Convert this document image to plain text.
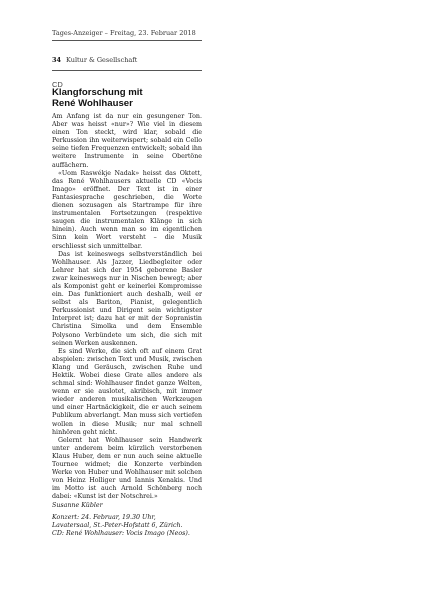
Tages-Anzeiger – Freitag, 23. Februar 2018
34 Kultur & Gesellschaft
CD
Klangforschung mit
René Wohlhauser

Am Anfang ist da nur ein gesungener Ton. Aber was heisst «nur»? Wie viel in diesem einen Ton steckt, wird klar, sobald die Perkussion ihn weiterwispert; sobald ein Cello seine tiefen Frequenzen entwickelt; sobald ihn weitere Instrumente in seine Obertöne auffächern.

«Uom Raswékje Nadak» heisst das Oktett, das René Wohlhausers aktuelle CD «Vocis Imago» eröffnet. Der Text ist in einer Fantasiesprache geschrieben, die Worte dienen sozusagen als Startrampe für ihre instrumentalen Fortsetzungen (respektive saugen die instrumentalen Klänge in sich hinein). Auch wenn man so im eigentlichen Sinn kein Wort versteht – die Musik erschliesst sich unmittelbar.

Das ist keineswegs selbstverständlich bei Wohlhauser. Als Jazzer, Liedbegleiter oder Lehrer hat sich der 1954 geborene Basler zwar keineswegs nur in Nischen bewegt; aber als Komponist geht er keinerlei Kompromisse ein. Das funktioniert auch deshalb, weil er selbst als Bariton, Pianist, gelegentlich Perkussionist und Dirigent sein wichtigster Interpret ist; dazu hat er mit der Sopranistin Christina Simolka und dem Ensemble Polysono Verbündete um sich, die sich mit seinen Werken auskennen.

Es sind Werke, die sich oft auf einem Grat abspielen: zwischen Text und Musik, zwischen Klang und Geräusch, zwischen Ruhe und Hektik. Wobei diese Grate alles andere als schmal sind: Wohlhauser findet ganze Welten, wenn er sie auslotet, akribisch, mit immer wieder anderen musikalischen Werkzeugen und einer Hartnäckigkeit, die er auch seinem Publikum abverlangt. Man muss sich vertiefen wollen in diese Musik; nur mal schnell hinhören geht nicht.

Gelernt hat Wohlhauser sein Handwerk unter anderem beim kürzlich verstorbenen Klaus Huber, dem er nun auch seine aktuelle Tournee widmet; die Konzerte verbinden Werke von Huber und Wohlhauser mit solchen von Heinz Holliger und Iannis Xenakis. Und im Motto ist auch Arnold Schönberg noch dabei: «Kunst ist der Notschrei.»

Susanne Kübler

Konzert: 24. Februar, 19.30 Uhr,

Lavatersaal, St.-Peter-Hofstatt 6, Zürich.

CD: René Wohlhauser: Vocis Imago (Neos).
